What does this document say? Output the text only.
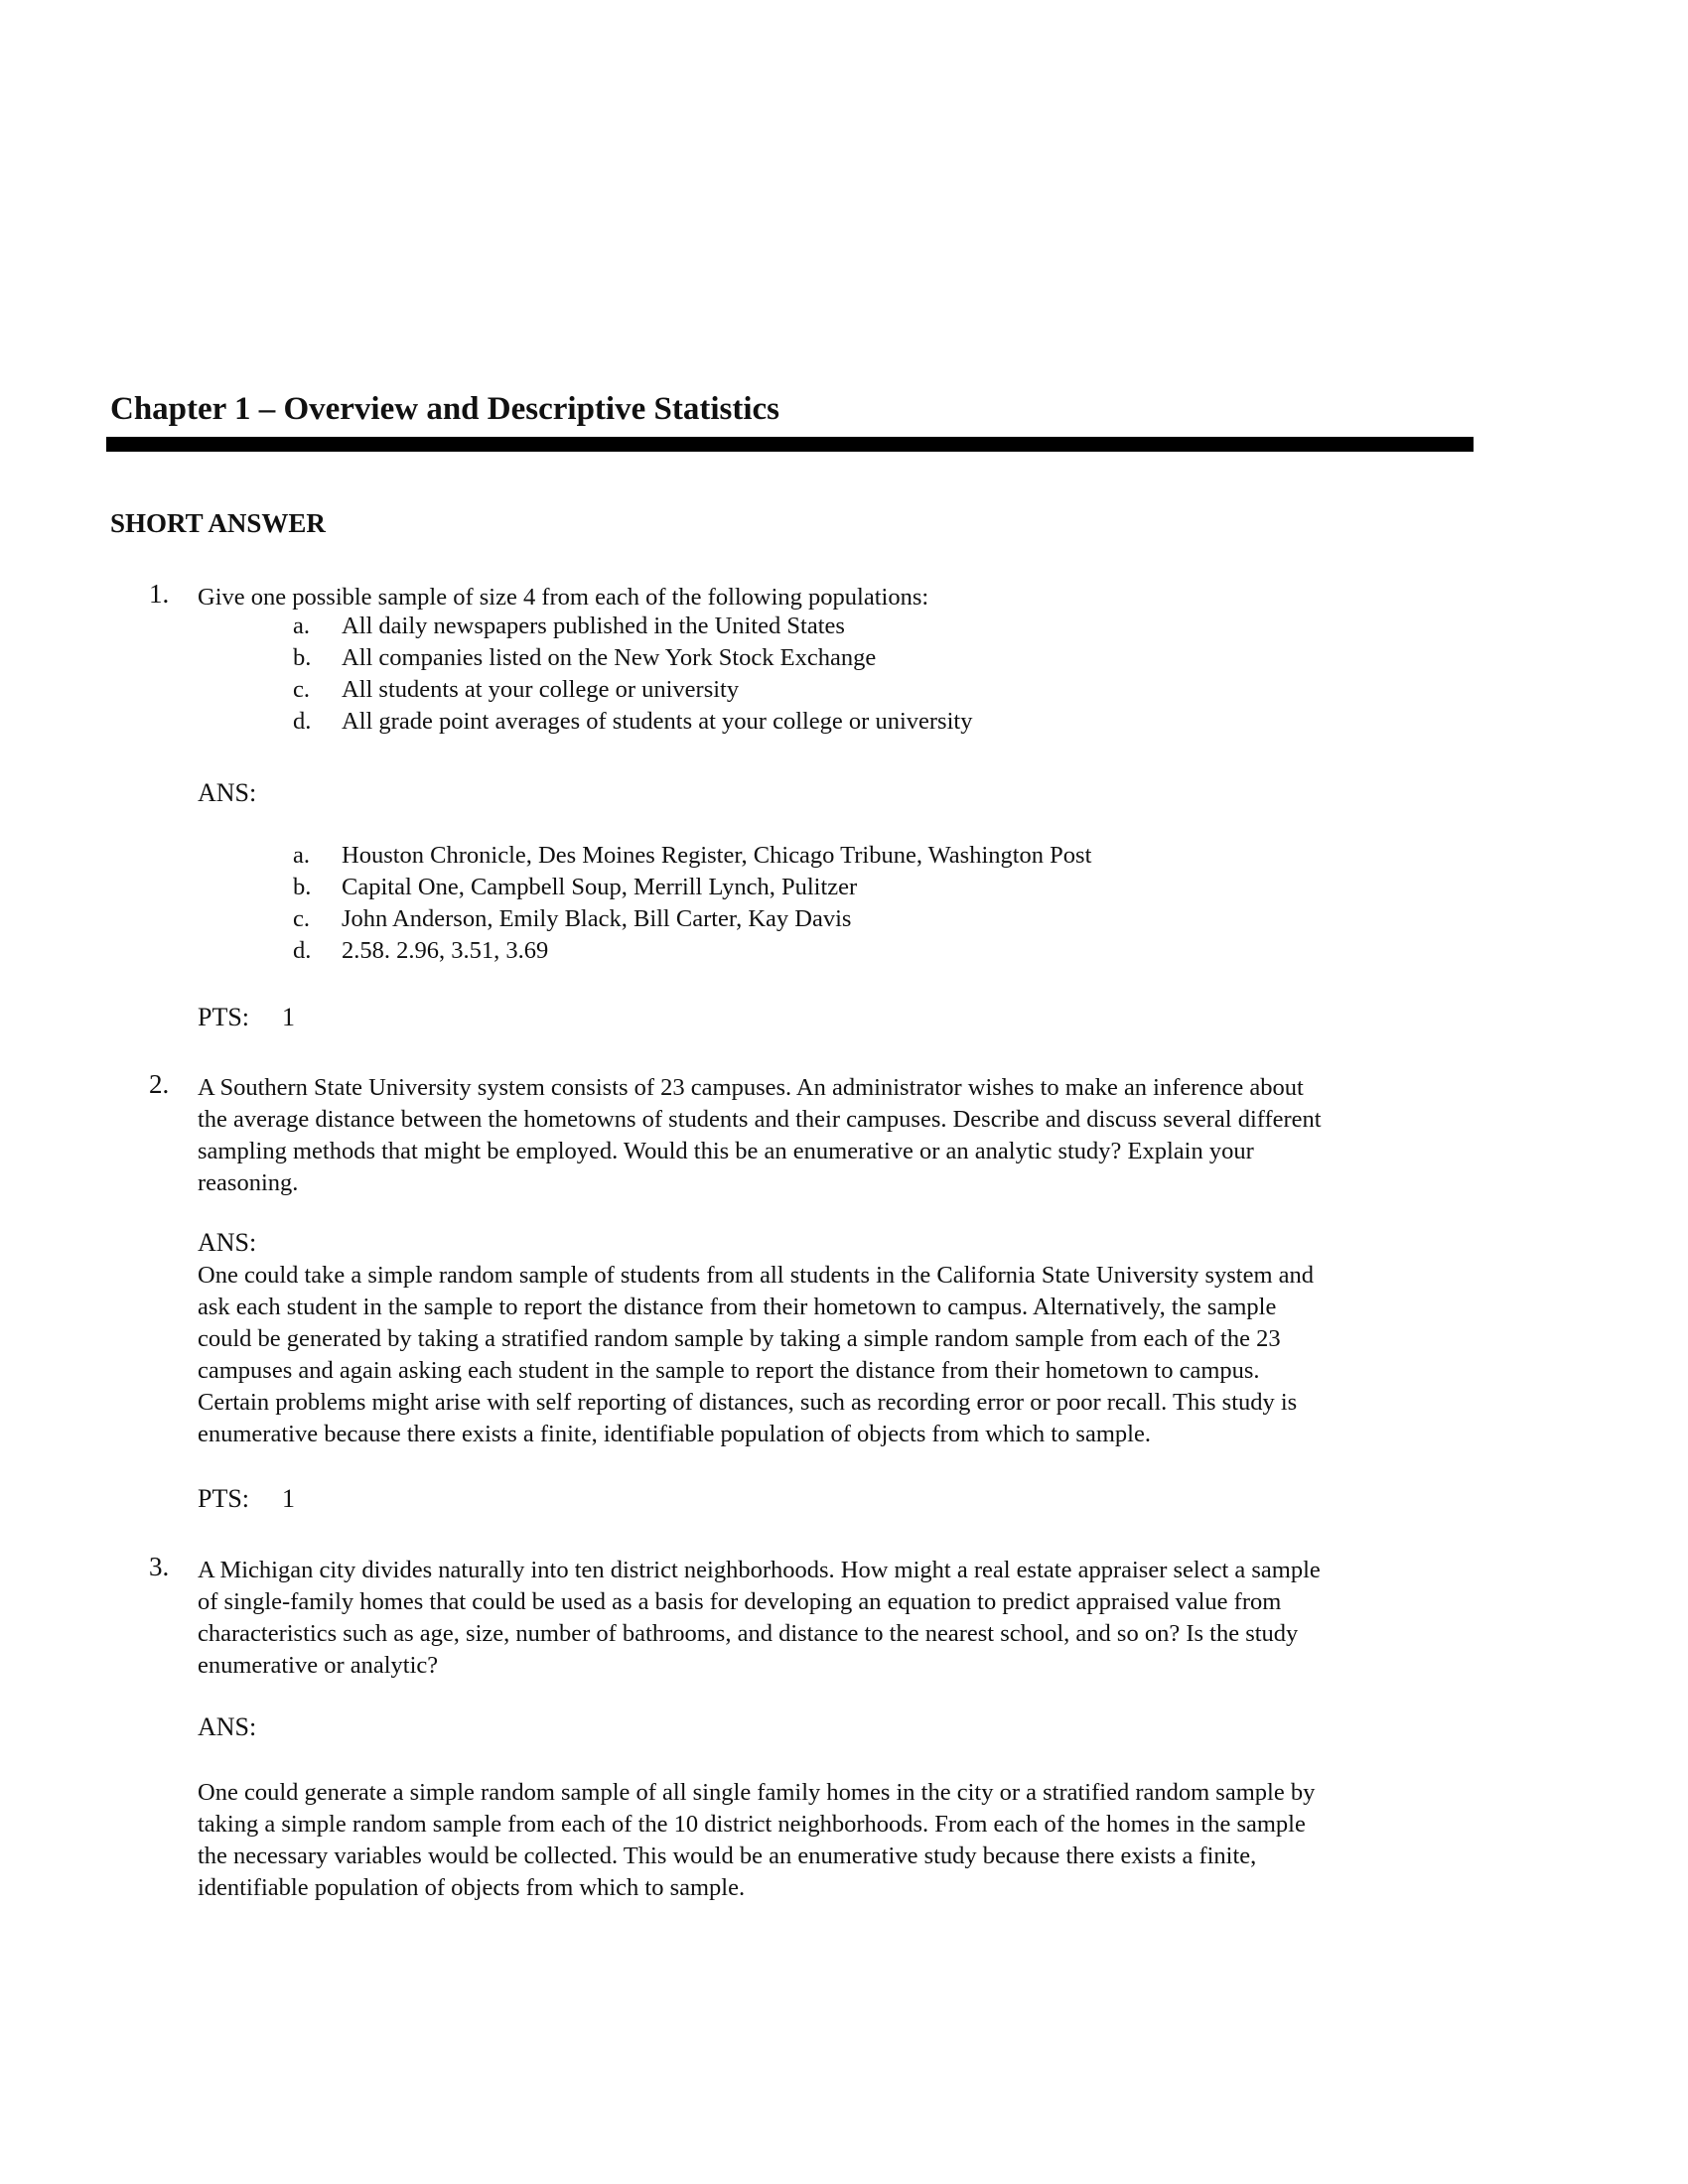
Chapter 1 – Overview and Descriptive Statistics
SHORT ANSWER
1. Give one possible sample of size 4 from each of the following populations:

a. All daily newspapers published in the United States
b. All companies listed on the New York Stock Exchange
c. All students at your college or university
d. All grade point averages of students at your college or university
ANS:
a. Houston Chronicle, Des Moines Register, Chicago Tribune, Washington Post
b. Capital One, Campbell Soup, Merrill Lynch, Pulitzer
c. John Anderson, Emily Black, Bill Carter, Kay Davis
d. 2.58. 2.96, 3.51, 3.69
PTS: 1
2. A Southern State University system consists of 23 campuses. An administrator wishes to make an inference about
the average distance between the hometowns of students and their campuses. Describe and discuss several different
sampling methods that might be employed. Would this be an enumerative or an analytic study? Explain your
reasoning.

ANS:

One could take a simple random sample of students from all students in the California State University system and
ask each student in the sample to report the distance from their hometown to campus. Alternatively, the sample
could be generated by taking a stratified random sample by taking a simple random sample from each of the 23
campuses and again asking each student in the sample to report the distance from their hometown to campus.
Certain problems might arise with self reporting of distances, such as recording error or poor recall. This study is
enumerative because there exists a finite, identifiable population of objects from which to sample.

PTS: 1
3. A Michigan city divides naturally into ten district neighborhoods. How might a real estate appraiser select a sample
of single-family homes that could be used as a basis for developing an equation to predict appraised value from
characteristics such as age, size, number of bathrooms, and distance to the nearest school, and so on? Is the study
enumerative or analytic?

ANS:

One could generate a simple random sample of all single family homes in the city or a stratified random sample by
taking a simple random sample from each of the 10 district neighborhoods. From each of the homes in the sample
the necessary variables would be collected. This would be an enumerative study because there exists a finite,
identifiable population of objects from which to sample.
